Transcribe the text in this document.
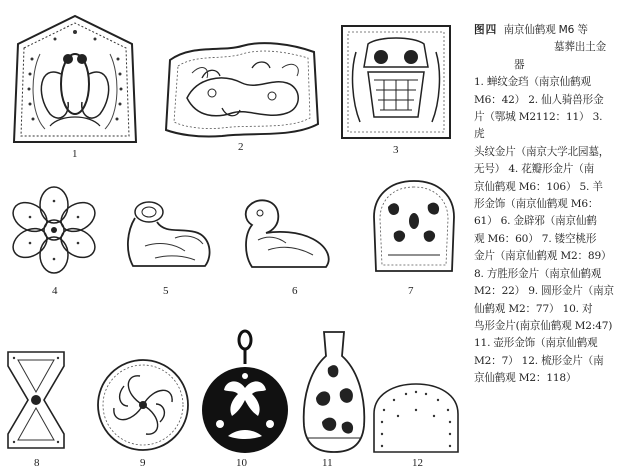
1
2	3
4	5	6	7
8	9	10	11	12
图四 南京仙鹤观 M6 等
墓葬出土金器
1. 蝉纹金珰（南京仙鹤观
M6：42） 2. 仙人骑兽形金
片（鄂城 M2112：11） 3. 虎
头纹金片（南京大学北园墓，
无号） 4. 花瓣形金片（南
京仙鹤观 M6：106） 5. 羊
形金饰（南京仙鹤观 M6：
61） 6. 金辟邪（南京仙鹤
观 M6：60） 7. 镂空桃形
金片（南京仙鹤观 M2：89）
8. 方胜形金片（南京仙鹤观
M2：22） 9. 圆形金片（南京
仙鹤观 M2：77） 10. 对
鸟形金片(南京仙鹤观 M2:47)
11. 壶形金饰（南京仙鹤观
M2：7） 12. 梳形金片（南
京仙鹤观 M2：118）
